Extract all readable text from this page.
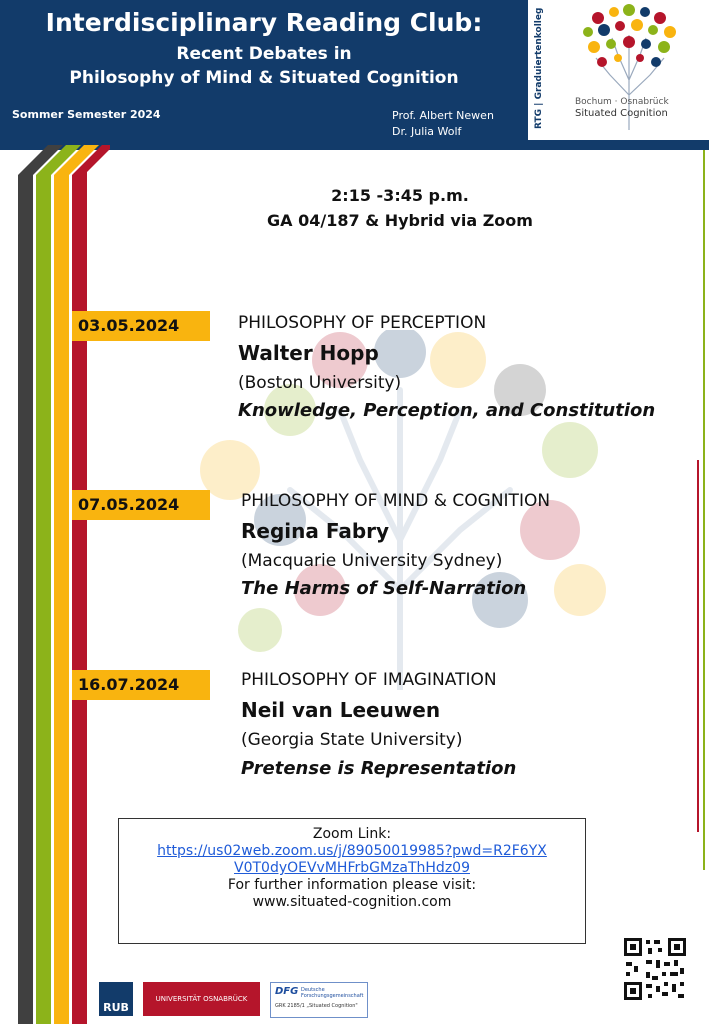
Interdisciplinary Reading Club:
Recent Debates in
Philosophy of Mind & Situated Cognition
Sommer Semester 2024	Prof. Albert Newen
Dr. Julia Wolf
RTG | Graduiertenkolleg	Bochum · Osnabrück
Situated Cognition
2:15 -3:45 p.m.
GA 04/187 & Hybrid via Zoom
03.05.2024	PHILOSOPHY OF PERCEPTION
Walter Hopp
(Boston University)
Knowledge, Perception, and Constitution
07.05.2024	PHILOSOPHY OF MIND & COGNITION
Regina Fabry
(Macquarie University Sydney)
The Harms of Self-Narration
16.07.2024	PHILOSOPHY OF IMAGINATION
Neil van Leeuwen
(Georgia State University)
Pretense is Representation
Zoom Link:
https://us02web.zoom.us/j/89050019985?pwd=R2F6YX
V0T0dyOEVvMHFrbGMzaThHdz09
For further information please visit:
www.situated-cognition.com
RUB
UNIVERSITÄT OSNABRÜCK
DFG Deutsche
Forschungsgemeinschaft
GRK 2185/1 „Situated Cognition"
